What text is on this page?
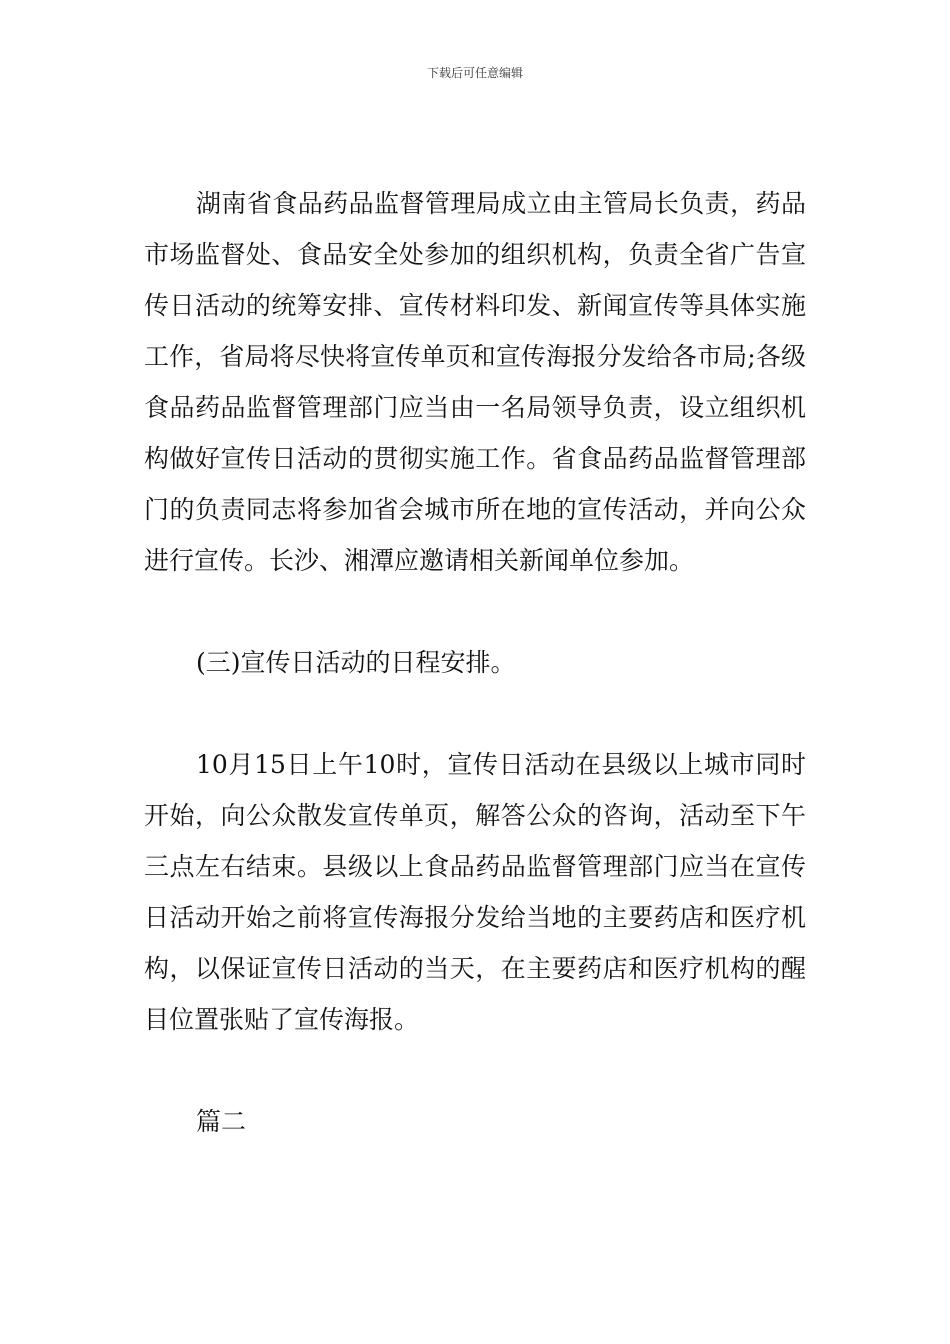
下载后可任意编辑

湖南省食品药品监督管理局成立由主管局长负责，药品市场监督处、食品安全处参加的组织机构，负责全省广告宣传日活动的统筹安排、宣传材料印发、新闻宣传等具体实施工作，省局将尽快将宣传单页和宣传海报分发给各市局;各级食品药品监督管理部门应当由一名局领导负责，设立组织机构做好宣传日活动的贯彻实施工作。省食品药品监督管理部门的负责同志将参加省会城市所在地的宣传活动，并向公众进行宣传。长沙、湘潭应邀请相关新闻单位参加。

(三)宣传日活动的日程安排。

10月15日上午10时，宣传日活动在县级以上城市同时开始，向公众散发宣传单页，解答公众的咨询，活动至下午三点左右结束。县级以上食品药品监督管理部门应当在宣传日活动开始之前将宣传海报分发给当地的主要药店和医疗机构，以保证宣传日活动的当天，在主要药店和医疗机构的醒目位置张贴了宣传海报。

篇二
